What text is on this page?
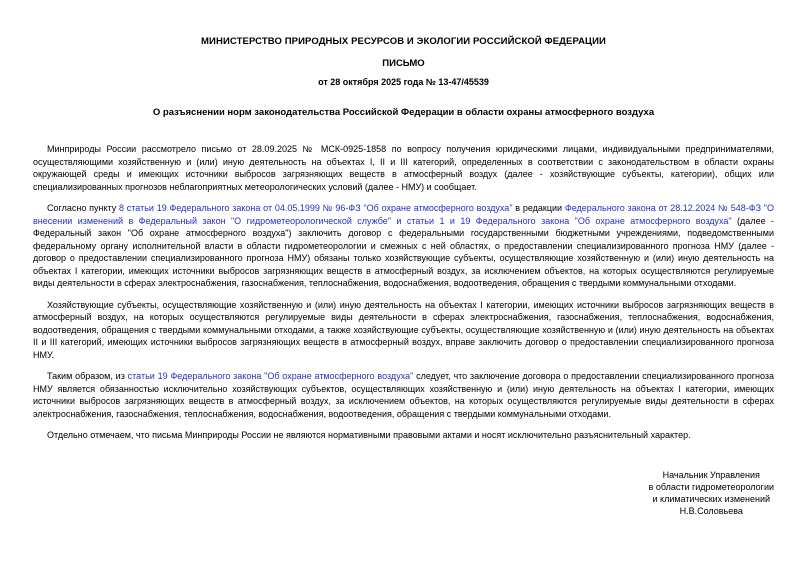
МИНИСТЕРСТВО ПРИРОДНЫХ РЕСУРСОВ И ЭКОЛОГИИ РОССИЙСКОЙ ФЕДЕРАЦИИ
ПИСЬМО
от 28 октября 2025 года № 13-47/45539
О разъяснении норм законодательства Российской Федерации в области охраны атмосферного воздуха

Минприроды России рассмотрело письмо от 28.09.2025 № МСК-0925-1858 по вопросу получения юридическими лицами, индивидуальными предпринимателями, осуществляющими хозяйственную и (или) иную деятельность на объектах I, II и III категорий, определенных в соответствии с законодательством в области охраны окружающей среды и имеющих источники выбросов загрязняющих веществ в атмосферный воздух (далее - хозяйствующие субъекты, категории), общих или специализированных прогнозов неблагоприятных метеорологических условий (далее - НМУ) и сообщает.

Согласно пункту 8 статьи 19 Федерального закона от 04.05.1999 № 96-ФЗ "Об охране атмосферного воздуха" в редакции Федерального закона от 28.12.2024 № 548-ФЗ "О внесении изменений в Федеральный закон "О гидрометеорологической службе" и статьи 1 и 19 Федерального закона "Об охране атмосферного воздуха" (далее - Федеральный закон "Об охране атмосферного воздуха") заключить договор с федеральными государственными бюджетными учреждениями, подведомственными федеральному органу исполнительной власти в области гидрометеорологии и смежных с ней областях, о предоставлении специализированного прогноза НМУ (далее - договор о предоставлении специализированного прогноза НМУ) обязаны только хозяйствующие субъекты, осуществляющие хозяйственную и (или) иную деятельность на объектах I категории, имеющих источники выбросов загрязняющих веществ в атмосферный воздух, за исключением объектов, на которых осуществляются регулируемые виды деятельности в сферах электроснабжения, газоснабжения, теплоснабжения, водоснабжения, водоотведения, обращения с твердыми коммунальными отходами.

Хозяйствующие субъекты, осуществляющие хозяйственную и (или) иную деятельность на объектах I категории, имеющих источники выбросов загрязняющих веществ в атмосферный воздух, на которых осуществляются регулируемые виды деятельности в сферах электроснабжения, газоснабжения, теплоснабжения, водоснабжения, водоотведения, обращения с твердыми коммунальными отходами, а также хозяйствующие субъекты, осуществляющие хозяйственную и (или) иную деятельность на объектах II и III категорий, имеющих источники выбросов загрязняющих веществ в атмосферный воздух, вправе заключить договор о предоставлении специализированного прогноза НМУ.

Таким образом, из статьи 19 Федерального закона "Об охране атмосферного воздуха" следует, что заключение договора о предоставлении специализированного прогноза НМУ является обязанностью исключительно хозяйствующих субъектов, осуществляющих хозяйственную и (или) иную деятельность на объектах I категории, имеющих источники выбросов загрязняющих веществ в атмосферный воздух, за исключением объектов, на которых осуществляются регулируемые виды деятельности в сферах электроснабжения, газоснабжения, теплоснабжения, водоснабжения, водоотведения, обращения с твердыми коммунальными отходами.

Отдельно отмечаем, что письма Минприроды России не являются нормативными правовыми актами и носят исключительно разъяснительный характер.

Начальник Управления
в области гидрометеорологии
и климатических изменений
Н.В.Соловьева
